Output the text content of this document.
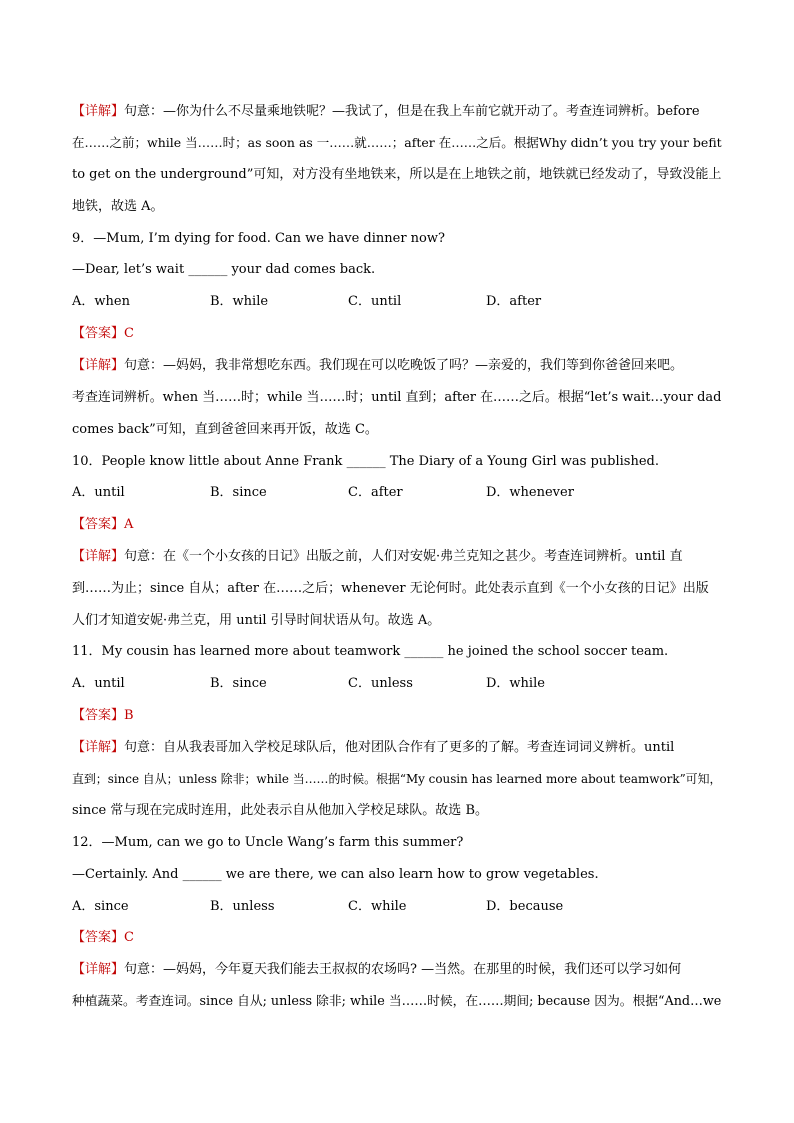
【详解】句意：—你为什么不尽量乘地铁呢？—我试了，但是在我上车前它就开动了。考查连词辨析。before
在……之前；while 当……时；as soon as 一……就……；after 在……之后。根据Why didn’t you try your befit
to get on the underground”可知，对方没有坐地铁来，所以是在上地铁之前，地铁就已经发动了，导致没能上
地铁，故选 A。
9．—Mum, I’m dying for food. Can we have dinner now?
—Dear, let’s wait ______ your dad comes back.
A．when	B．while	C．until	D．after
【答案】C
【详解】句意：—妈妈，我非常想吃东西。我们现在可以吃晚饭了吗？—亲爱的，我们等到你爸爸回来吧。
考查连词辨析。when 当……时；while 当……时；until 直到；after 在……之后。根据“let’s wait…your dad
comes back”可知，直到爸爸回来再开饭，故选 C。
10．People know little about Anne Frank ______ The Diary of a Young Girl was published.
A．until	B．since	C．after	D．whenever
【答案】A
【详解】句意：在《一个小女孩的日记》出版之前，人们对安妮·弗兰克知之甚少。考查连词辨析。until 直
到……为止；since 自从；after 在……之后；whenever 无论何时。此处表示直到《一个小女孩的日记》出版
人们才知道安妮·弗兰克，用 until 引导时间状语从句。故选 A。
11．My cousin has learned more about teamwork ______ he joined the school soccer team.
A．until	B．since	C．unless	D．while
【答案】B
【详解】句意：自从我表哥加入学校足球队后，他对团队合作有了更多的了解。考查连词词义辨析。until
直到；since 自从；unless 除非；while 当……的时候。根据“My cousin has learned more about teamwork”可知，
since 常与现在完成时连用，此处表示自从他加入学校足球队。故选 B。
12．—Mum, can we go to Uncle Wang’s farm this summer?
—Certainly. And ______ we are there, we can also learn how to grow vegetables.
A．since	B．unless	C．while	D．because
【答案】C
【详解】句意：—妈妈，今年夏天我们能去王叔叔的农场吗? —当然。在那里的时候，我们还可以学习如何
种植蔬菜。考查连词。since 自从; unless 除非; while 当……时候，在……期间; because 因为。根据“And…we
